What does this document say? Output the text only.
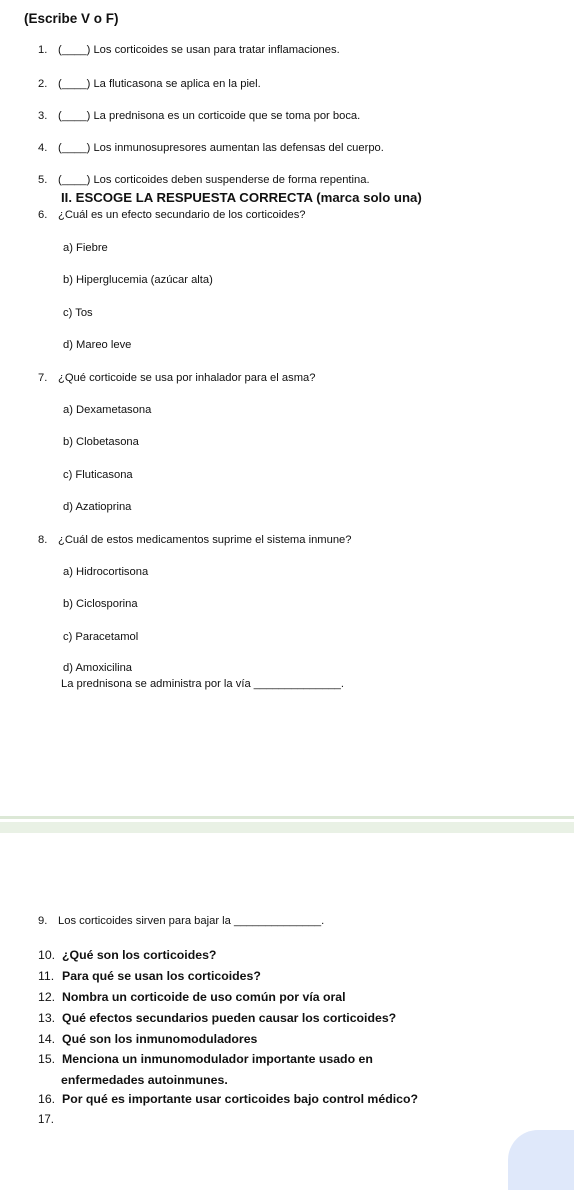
(Escribe V o F)
1. (____) Los corticoides se usan para tratar inflamaciones.
2. (____) La fluticasona se aplica en la piel.
3. (____) La prednisona es un corticoide que se toma por boca.
4. (____) Los inmunosupresores aumentan las defensas del cuerpo.
5. (____) Los corticoides deben suspenderse de forma repentina.
II. ESCOGE LA RESPUESTA CORRECTA (marca solo una)
6. ¿Cuál es un efecto secundario de los corticoides?
a) Fiebre
b) Hiperglucemia (azúcar alta)
c) Tos
d) Mareo leve
7. ¿Qué corticoide se usa por inhalador para el asma?
a) Dexametasona
b) Clobetasona
c) Fluticasona
d) Azatioprina
8. ¿Cuál de estos medicamentos suprime el sistema inmune?
a) Hidrocortisona
b) Ciclosporina
c) Paracetamol
d) Amoxicilina
La prednisona se administra por la vía ______________.
9. Los corticoides sirven para bajar la ______________.
10. ¿Qué son los corticoides?
11. Para qué se usan los corticoides?
12. Nombra un corticoide de uso común por vía oral
13. Qué efectos secundarios pueden causar los corticoides?
14. Qué son los inmunomoduladores
15. Menciona un inmunomodulador importante usado en
enfermedades autoinmunes.
16. Por qué es importante usar corticoides bajo control médico?
17.
